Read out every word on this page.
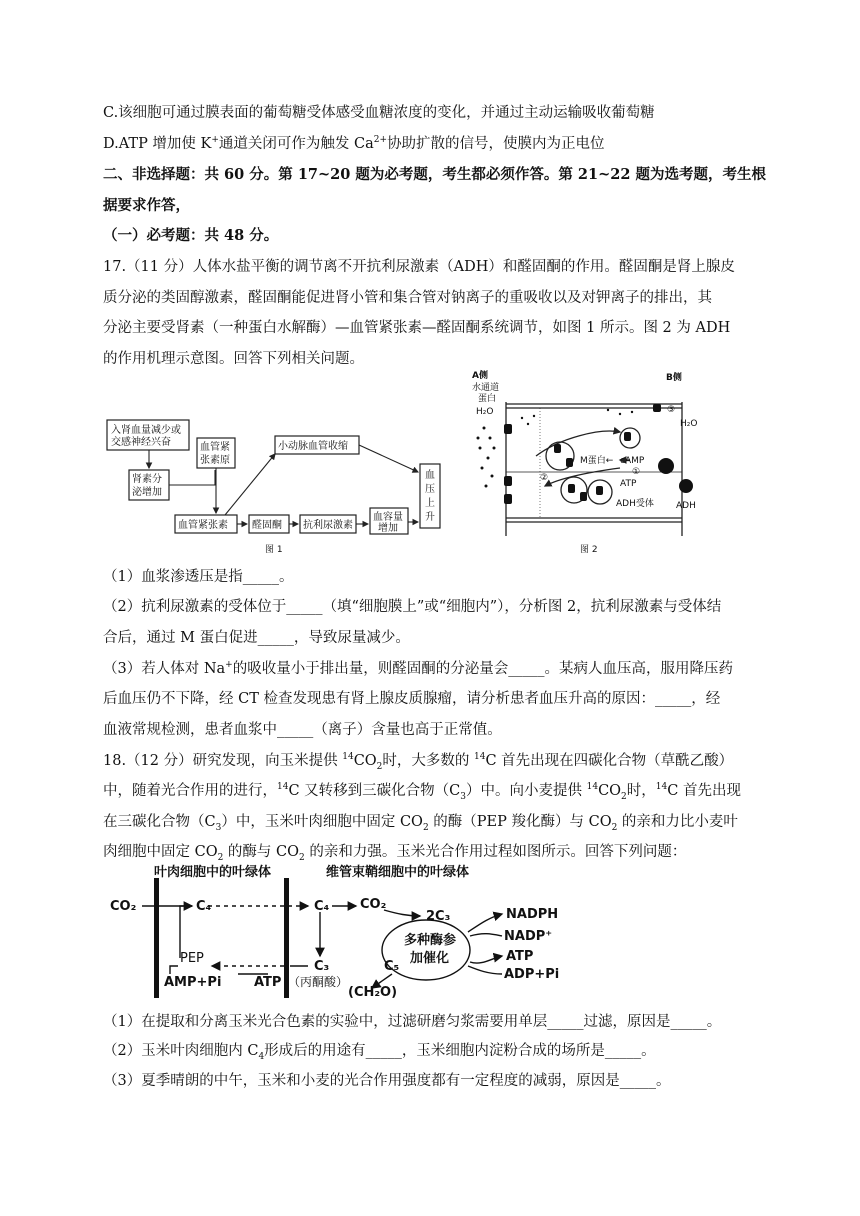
C.该细胞可通过膜表面的葡萄糖受体感受血糖浓度的变化，并通过主动运输吸收葡萄糖
D.ATP 增加使 K+通道关闭可作为触发 $Ca^{2+}$协助扩散的信号，使膜内为正电位
二、非选择题：共 60 分。第 17~20 题为必考题，考生都必须作答。第 21~22 题为选考题，考生根
据要求作答，
（一）必考题：共 48 分。
17.（11 分）人体水盐平衡的调节离不开抗利尿激素（ADH）和醛固酮的作用。醛固酮是肾上腺皮
质分泌的类固醇激素，醛固酮能促进肾小管和集合管对钠离子的重吸收以及对钾离子的排出，其
分泌主要受肾素（一种蛋白水解酶）—血管紧张素—醛固酮系统调节，如图 1 所示。图 2 为 ADH
的作用机理示意图。回答下列相关问题。
入肾血量减少或
交感神经兴奋	血管紧
张素原
肾素分
泌增加
血管紧张素 醛固酮 抗利尿激素
血容量
增加
小动脉血管收缩
血
压
上
升
图 1
A侧
水通道
蛋白
H₂O
B侧
H₂O
③
M蛋白← cAMP
①
ATP
②
ADH受体 ADH
图 2
（1）血浆渗透压是指_____。
（2）抗利尿激素的受体位于_____（填“细胞膜上”或“细胞内”），分析图 2，抗利尿激素与受体结
合后，通过 M 蛋白促进_____，导致尿量减少。
（3）若人体对 Na+的吸收量小于排出量，则醛固酮的分泌量会_____。某病人血压高，服用降压药
后血压仍不下降，经 CT 检查发现患有肾上腺皮质腺瘤，请分析患者血压升高的原因：_____，经
血液常规检测，患者血浆中_____（离子）含量也高于正常值。
18.（12 分）研究发现，向玉米提供 $^{14}CO_2$时，大多数的 $^{14}$C 首先出现在四碳化合物（草酰乙酸）
中，随着光合作用的进行，$^{14}$C 又转移到三碳化合物$(C_3)$中。向小麦提供 $^{14}CO_2$时，$^{14}$C 首先出现
在三碳化合物$(C_3)$中，玉米叶肉细胞中固定 $CO_2$ 的酶（PEP 羧化酶）与 $CO_2$ 的亲和力比小麦叶
肉细胞中固定 $CO_2$ 的酶与 $CO_2$ 的亲和力强。玉米光合作用过程如图所示。回答下列问题：
叶肉细胞中的叶绿体	维管束鞘细胞中的叶绿体
CO₂	C₄
PEP
AMP+Pi	ATP
C₄ CO₂
C₃
（丙酮酸）
2C₃
多种酶参
加催化
C₅
(CH₂O)
NADPH
NADP⁺
ATP
ADP+Pi
（1）在提取和分离玉米光合色素的实验中，过滤研磨匀浆需要用单层_____过滤，原因是_____。
（2）玉米叶肉细胞内 $C_4$形成后的用途有_____，玉米细胞内淀粉合成的场所是_____。
（3）夏季晴朗的中午，玉米和小麦的光合作用强度都有一定程度的减弱，原因是_____。
